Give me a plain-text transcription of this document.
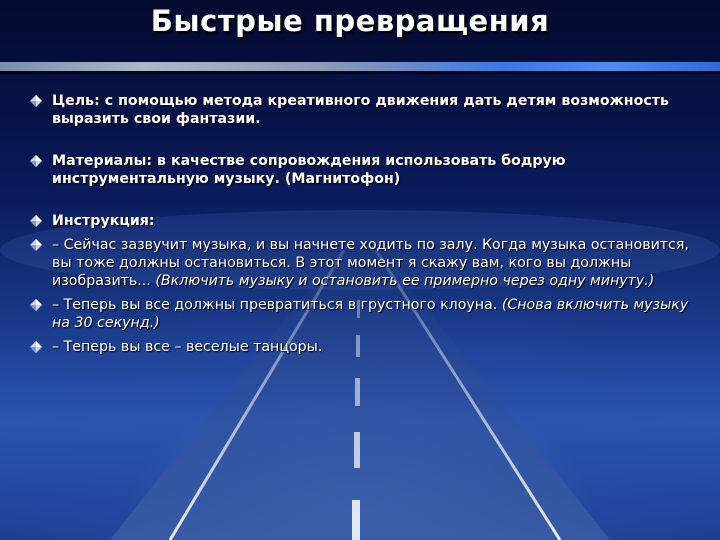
Быстрые превращения
Цель: с помощью метода креативного движения дать детям возможность выразить свои фантазии.
Материалы: в качестве сопровождения использовать бодрую инструментальную музыку. (Магнитофон)
Инструкция:
– Сейчас зазвучит музыка, и вы начнете ходить по залу. Когда музыка остановится, вы тоже должны остановиться. В этот момент я скажу вам, кого вы должны изобразить... (Включить музыку и остановить ее примерно через одну минуту.)
– Теперь вы все должны превратиться в грустного клоуна. (Снова включить музыку на 30 секунд.)
– Теперь вы все – веселые танцоры.
